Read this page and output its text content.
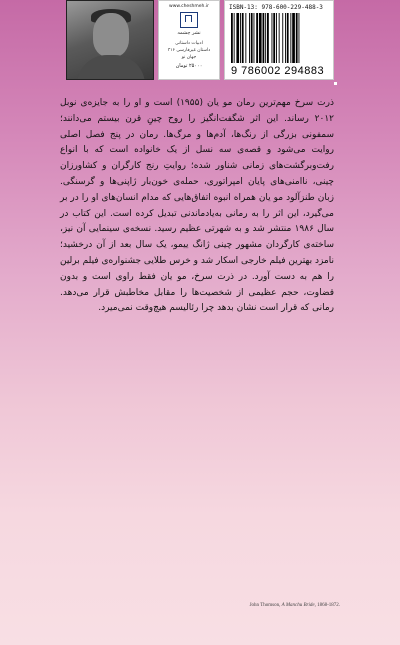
www.cheshmeh.ir
نشر چشمه
ادبیات داستانی
داستان غیرفارسی ۳۱۶
جهان نو
۲۵۰۰۰ تومان
ISBN-13: 978-600-229-488-3
9 786002 294883

ذرت سرخ مهم‌ترین رمان مو یان (۱۹۵۵) است و او را به جایزه‌ی نوبل ۲۰۱۲ رساند. این اثر شگفت‌انگیز را روح چینِ قرن بیستم می‌دانند؛ سمفونی بزرگی از رنگ‌ها، آدم‌ها و مرگ‌ها. رمان در پنج فصل اصلی روایت می‌شود و قصه‌ی سه نسل از یک خانواده است که با انواع رفت‌وبرگشت‌های زمانی شناور شده؛ روایتِ رنج کارگران و کشاورزان چینی، ناامنی‌های پایان امپراتوری، حمله‌ی خون‌بار ژاپنی‌ها و گرسنگی. زبان طنزآلود مو یان همراه انبوه اتفاق‌هایی که مدام انسان‌های او را در بر می‌گیرد، این اثر را به رمانی به‌یادماندنی تبدیل کرده است. این کتاب در سال ۱۹۸۶ منتشر شد و به شهرتی عظیم رسید. نسخه‌ی سینمایی آن نیز، ساخته‌ی کارگردان مشهور چینی ژانگ ییمو، یک سال بعد از آن درخشید؛ نامزد بهترین فیلم خارجی اسکار شد و خرس طلایی جشنواره‌ی فیلم برلین را هم به دست آورد. در ذرت سرخ، مو یان فقط راوی است و بدون قضاوت، حجم عظیمی از شخصیت‌ها را مقابل مخاطبش قرار می‌دهد. رمانی که قرار است نشان بدهد چرا رئالیسم هیچ‌وقت نمی‌میرد.

John Thomson, A Manchu Bride, 1868-1872.
